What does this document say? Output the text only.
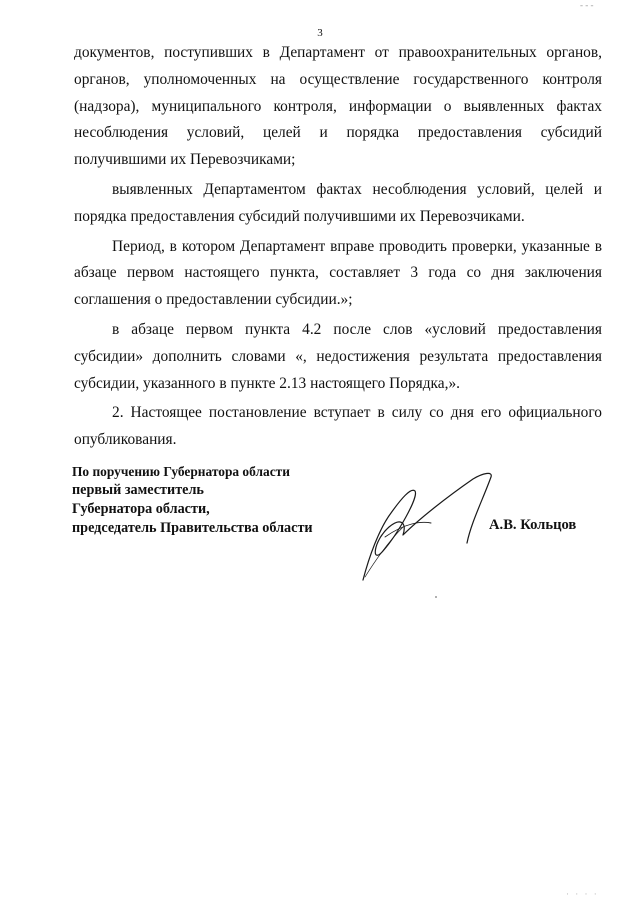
‐ ‐ ‐
3

документов, поступивших в Департамент от правоохранительных органов, органов, уполномоченных на осуществление государственного контроля (надзора), муниципального контроля, информации о выявленных фактах несоблюдения условий, целей и порядка предоставления субсидий получившими их Перевозчиками;

выявленных Департаментом фактах несоблюдения условий, целей и порядка предоставления субсидий получившими их Перевозчиками.

Период, в котором Департамент вправе проводить проверки, указанные в абзаце первом настоящего пункта, составляет 3 года со дня заключения соглашения о предоставлении субсидии.»;

в абзаце первом пункта 4.2 после слов «условий предоставления субсидии» дополнить словами «, недостижения результата предоставления субсидии, указанного в пункте 2.13 настоящего Порядка,».

2. Настоящее постановление вступает в силу со дня его официального опубликования.

По поручению Губернатора области
первый заместитель
Губернатора области,
председатель Правительства области	А.В. Кольцов
· · · ·
